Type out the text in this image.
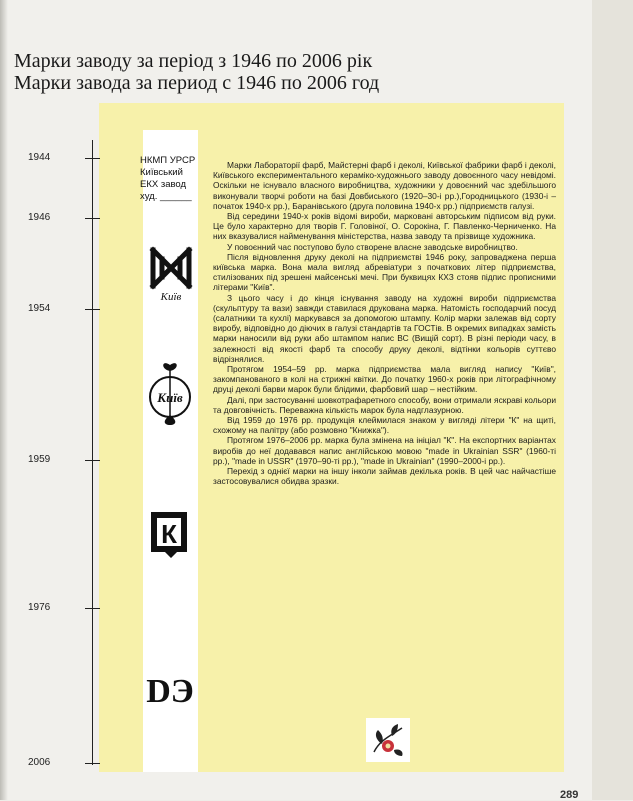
Марки заводу за період з 1946 по 2006 рік
Марки завода за период с 1946 по 2006 год
1944
1946
1954
1959
1976
2006
НКМП УРСР
Київський
ЕКХ завод
худ. ______
Київ
Київ
К
DЭ

Марки Лабораторії фарб, Майстерні фарб і деколі, Київської фабрики фарб і деколі, Київського експериментального керамiко-художнього заводу довоєнного часу невідомі. Оскільки не існувало власного виробництва, художники у довоєнний час здебільшого виконували творчі роботи на базі Довбиського (1920–30-і рр.),Городницького (1930-і – початок 1940-х рр.), Баранівського (друга половина 1940-х рр.) підприємств галузі.

Від середини 1940-х років відомі вироби, марковані авторським підписом від руки. Це було характерно для творів Г. Головіної, О. Сорокіна, Г. Павленко-Черниченко. На них вказувалися найменування міністерства, назва заводу та прізвище художника.

У повоєнний час поступово було створене власне заводське виробництво.

Після відновлення друку деколі на підприємстві 1946 року, запроваджена перша київська марка. Вона мала вигляд абревіатури з початкових літер підприємства, стилізованих під зрешені майсенські мечі. При буквицях КХЗ стояв підпис прописними літерами "Київ".

З цього часу і до кінця існування заводу на художні вироби підприємства (скульптуру та вази) завжди ставилася друкована марка. Натомість господарчий посуд (салатники та кухлі) маркувався за допомогою штампу. Колір марки залежав від сорту виробу, відповідно до діючих в галузі стандартів та ГОСТів. В окремих випадках замість марки наносили від руки або штампом напис ВС (Вищій сорт). В різні періоди часу, в залежності від якості фарб та способу друку деколі, відтінки кольорів суттєво відрізнялися.

Протягом 1954–59 рр. марка підприємства мала вигляд напису "Київ", закомпанованого в колі на стрижні квітки. До початку 1960-х років при літографічному друці деколі барви марок були блідими, фарбовий шар – нестійким.

Далі, при застосуванні шовкотрафаретного способу, вони отримали яскраві кольори та довговічність. Переважна кількість марок була надглазурною.

Від 1959 до 1976 рр. продукція клеймилася знаком у вигляді літери "К" на щиті, схожому на палітру (або розмовно "Книжка").

Протягом 1976–2006 рр. марка була змінена на ініціал "К". На експортних варіантах виробів до неї додавався напис англійською мовою "made in Ukrainian SSR" (1960-ті рр.), "made in USSR" (1970–90-ті рр.), "made in Ukrainian" (1990–2000-і рр.).

Перехід з однієї марки на іншу інколи займав декілька років. В цей час найчастіше застосовувалися обидва зразки.

289
